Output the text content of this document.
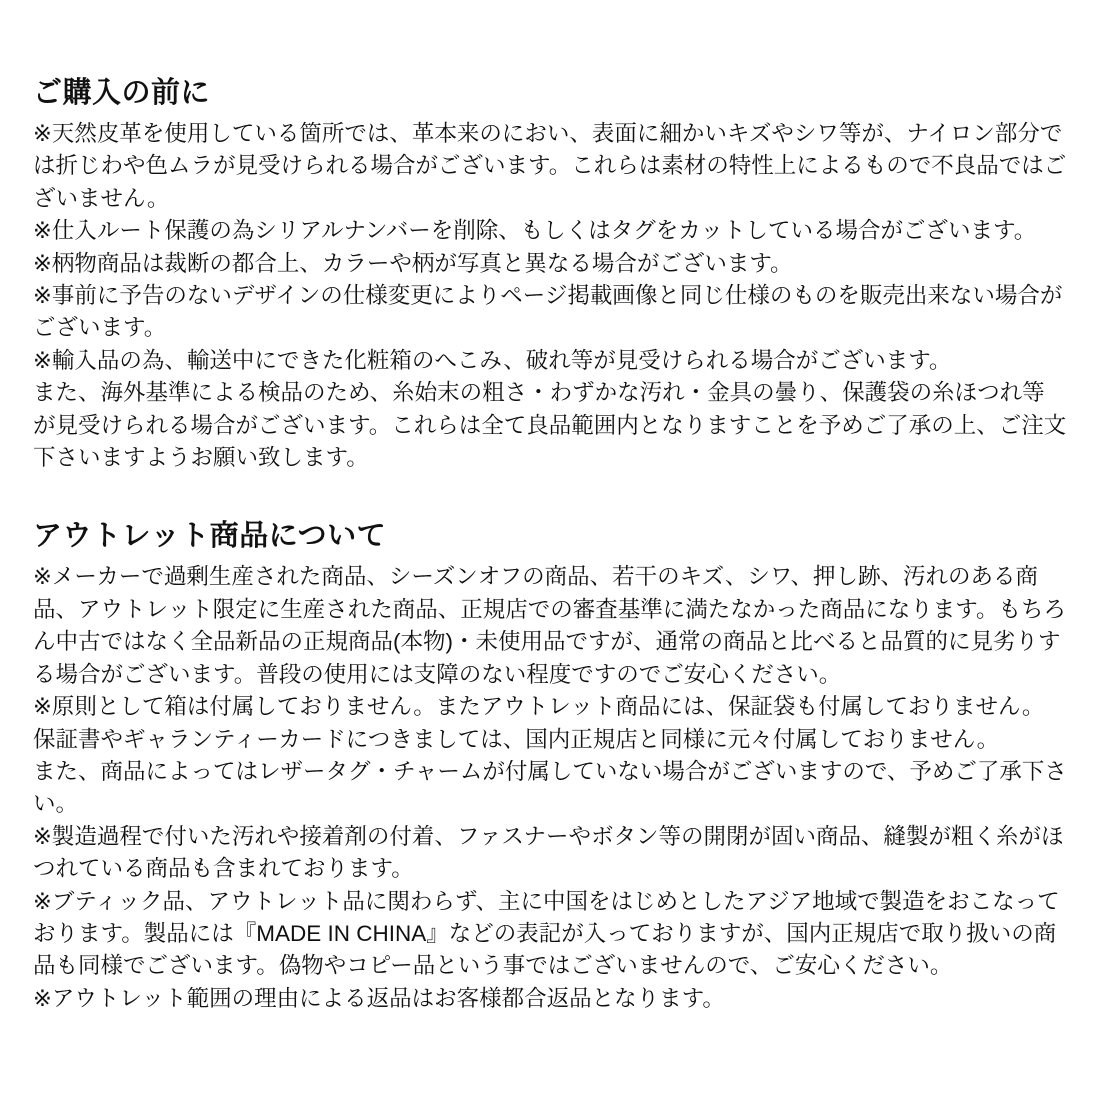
ご購入の前に

※天然皮革を使用している箇所では、革本来のにおい、表面に細かいキズやシワ等が、ナイロン部分では折じわや色ムラが見受けられる場合がございます。これらは素材の特性上によるもので不良品ではございません。

※仕入ルート保護の為シリアルナンバーを削除、もしくはタグをカットしている場合がございます。

※柄物商品は裁断の都合上、カラーや柄が写真と異なる場合がございます。

※事前に予告のないデザインの仕様変更によりページ掲載画像と同じ仕様のものを販売出来ない場合がございます。

※輸入品の為、輸送中にできた化粧箱のへこみ、破れ等が見受けられる場合がございます。

また、海外基準による検品のため、糸始末の粗さ・わずかな汚れ・金具の曇り、保護袋の糸ほつれ等が見受けられる場合がございます。これらは全て良品範囲内となりますことを予めご了承の上、ご注文下さいますようお願い致します。

アウトレット商品について

※メーカーで過剰生産された商品、シーズンオフの商品、若干のキズ、シワ、押し跡、汚れのある商品、アウトレット限定に生産された商品、正規店での審査基準に満たなかった商品になります。もちろん中古ではなく全品新品の正規商品(本物)・未使用品ですが、通常の商品と比べると品質的に見劣りする場合がございます。普段の使用には支障のない程度ですのでご安心ください。

※原則として箱は付属しておりません。またアウトレット商品には、保証袋も付属しておりません。

保証書やギャランティーカードにつきましては、国内正規店と同様に元々付属しておりません。

また、商品によってはレザータグ・チャームが付属していない場合がございますので、予めご了承下さい。

※製造過程で付いた汚れや接着剤の付着、ファスナーやボタン等の開閉が固い商品、縫製が粗く糸がほつれている商品も含まれております。

※ブティック品、アウトレット品に関わらず、主に中国をはじめとしたアジア地域で製造をおこなっております。製品には『MADE IN CHINA』などの表記が入っておりますが、国内正規店で取り扱いの商品も同様でございます。偽物やコピー品という事ではございませんので、ご安心ください。

※アウトレット範囲の理由による返品はお客様都合返品となります。
